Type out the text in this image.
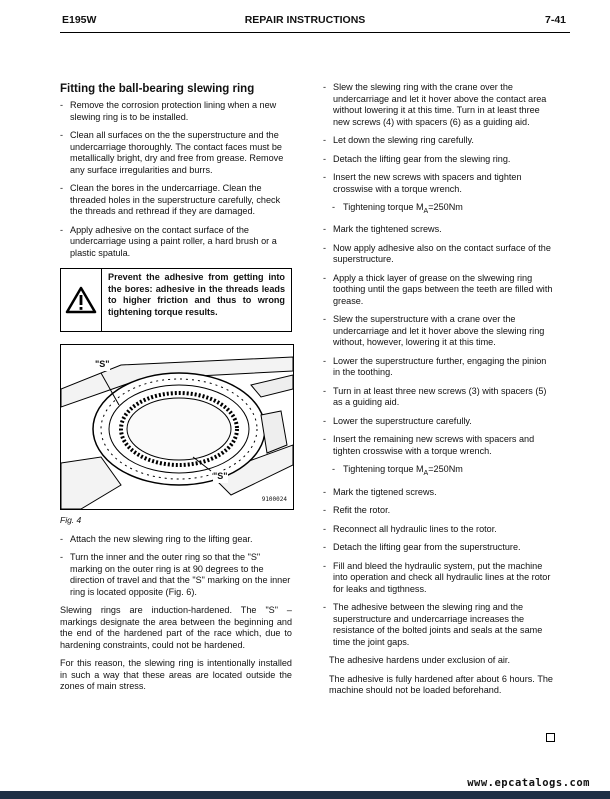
E195W	REPAIR INSTRUCTIONS	7-41
Fitting the ball-bearing slewing ring
- Remove the corrosion protection lining when a new slewing ring is to be installed.
- Clean all surfaces on the the superstructure and the undercarriage thoroughly. The contact faces must be metallically bright, dry and free from grease. Remove any surface irregularities and burrs.
- Clean the bores in the undercarriage. Clean the threaded holes in the superstructure carefully, check the threads and rethread if they are damaged.
- Apply adhesive on the contact surface of the undercarriage using a paint roller, a hard brush or a plastic spatula.
Prevent the adhesive from getting into the bores: adhesive in the threads leads to higher friction and thus to wrong tightening torque results.
"S"
"S"
9100024
Fig. 4
- Attach the new slewing ring to the lifting gear.
- Turn the inner and the outer ring so that the "S" marking on the outer ring is at 90 degrees to the direction of travel and that the "S" marking on the inner ring is located opposite (Fig. 6).
Slewing rings are induction-hardened. The "S" – markings designate the area between the beginning and the end of the hardened part of the race which, due to hardening constraints, could not be hardened.
For this reason, the slewing ring is intentionally installed in such a way that these areas are located outside the zones of main stress.
- Slew the slewing ring with the crane over the undercarriage and let it hover above the contact area without lowering it at this time. Turn in at least three new screws (4) with spacers (6) as a guiding aid.
- Let down the slewing ring carefully.
- Detach the lifting gear from the slewing ring.
- Insert the new screws with spacers and tighten crosswise with a torque wrench.
- Tightening torque $M_A=250Nm$
- Mark the tightened screws.
- Now apply adhesive also on the contact surface of the superstructure.
- Apply a thick layer of grease on the slwewing ring toothing until the gaps between the teeth are filled with grease.
- Slew the superstructure with a crane over the undercarriage and let it hover above the slewing ring without, however, lowering it at this time.
- Lower the superstructure further, engaging the pinion in the toothing.
- Turn in at least three new screws (3) with spacers (5) as a guiding aid.
- Lower the superstructure carefully.
- Insert the remaining new screws with spacers and tighten crosswise with a torque wrench.
- Tightening torque $M_A=250Nm$
- Mark the tigtened screws.
- Refit the rotor.
- Reconnect all hydraulic lines to the rotor.
- Detach the lifting gear from the superstructure.
- Fill and bleed the hydraulic system, put the machine into operation and check all hydraulic lines at the rotor for leaks and tigthness.
- The adhesive between the slewing ring and the superstructure and undercarriage increases the resistance of the bolted joints and seals at the same time the joint gaps.
The adhesive hardens under exclusion of air.
The adhesive is fully hardened after about 6 hours. The machine should not be loaded beforehand.
www.epcatalogs.com
